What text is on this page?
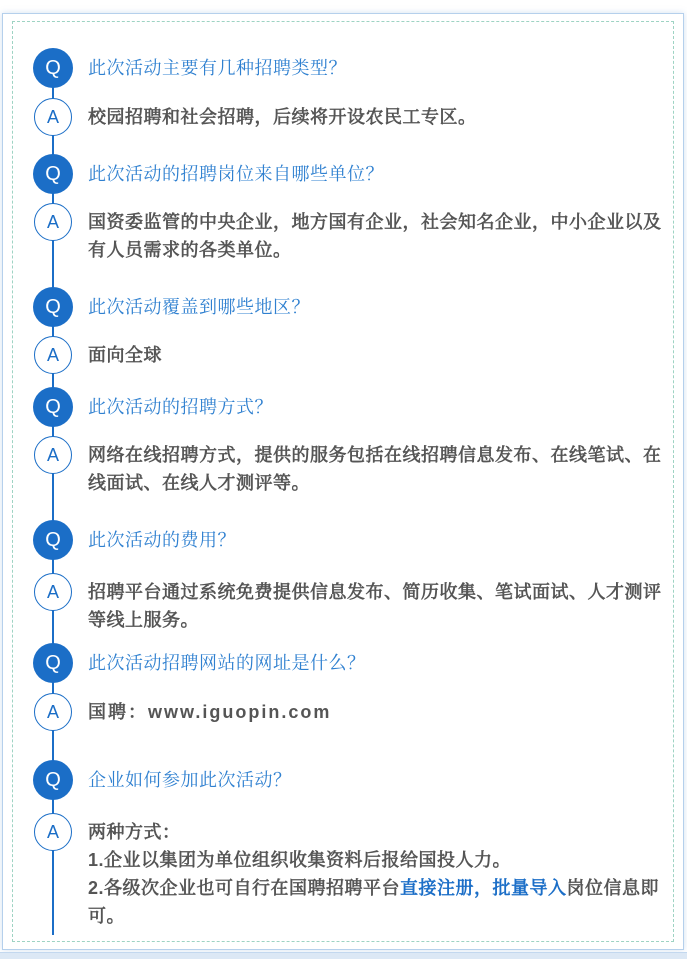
Q	此次活动主要有几种招聘类型？
A	校园招聘和社会招聘，后续将开设农民工专区。
Q	此次活动的招聘岗位来自哪些单位？
A	国资委监管的中央企业，地方国有企业，社会知名企业，中小企业以及有人员需求的各类单位。
Q	此次活动覆盖到哪些地区？
A	面向全球
Q	此次活动的招聘方式？
A	网络在线招聘方式，提供的服务包括在线招聘信息发布、在线笔试、在线面试、在线人才测评等。
Q	此次活动的费用？
A	招聘平台通过系统免费提供信息发布、简历收集、笔试面试、人才测评等线上服务。
Q	此次活动招聘网站的网址是什么？
A	国聘：www.iguopin.com
Q	企业如何参加此次活动？
A	两种方式：
1.企业以集团为单位组织收集资料后报给国投人力。
2.各级次企业也可自行在国聘招聘平台直接注册，批量导入岗位信息即可。
